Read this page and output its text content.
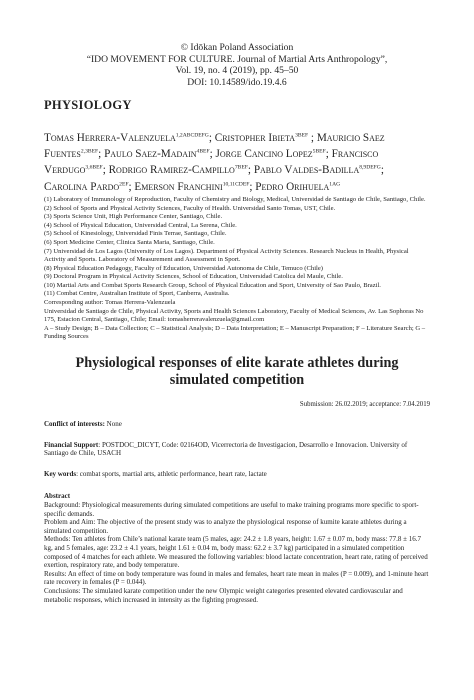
© Idōkan Poland Association
“IDO MOVEMENT FOR CULTURE. Journal of Martial Arts Anthropology”,
Vol. 19, no. 4 (2019), pp. 45–50
DOI: 10.14589/ido.19.4.6
PHYSIOLOGY
Tomas Herrera-Valenzuela$^{1,2ABCDEFG}$; Cristopher Ibieta$^{3BEF}$ ; Mauricio Saez Fuentes$^{2,3BEF}$; Paulo Saez-Madain$^{4BEF}$; Jorge Cancino Lopez$^{5BEF}$; Francisco Verdugo$^{3,6BEF}$; Rodrigo Ramirez-Campillo$^{7BEF}$; Pablo Valdes-Badilla$^{8,9DEFG}$; Carolina Pardo$^{2EF}$; Emerson Franchini$^{10,11CDEF}$; Pedro Orihuela$^{1AG}$
(1) Laboratory of Immunology of Reproduction, Faculty of Chemistry and Biology, Medical, Universidad de Santiago de Chile, Santiago, Chile.
(2) School of Sports and Physical Activity Sciences, Faculty of Health. Universidad Santo Tomas, UST, Chile.
(3) Sports Science Unit, High Performance Center, Santiago, Chile.
(4) School of Physical Education, Universidad Central, La Serena, Chile.
(5) School of Kinesiology, Universidad Finis Terrae, Santiago, Chile.
(6) Sport Medicine Center, Clinica Santa Maria, Santiago, Chile.
(7) Universidad de Los Lagos (University of Los Lagos). Department of Physical Activity Sciences. Research Nucleus in Health, Physical Activity and Sports. Laboratory of Measurement and Assessment in Sport.
(8) Physical Education Pedagogy, Faculty of Education, Universidad Autonoma de Chile, Temuco (Chile)
(9) Doctoral Program in Physical Activity Sciences, School of Education, Universidad Catolica del Maule, Chile.
(10) Martial Arts and Combat Sports Research Group, School of Physical Education and Sport, University of Sao Paulo, Brazil.
(11) Combat Centre, Australian Institute of Sport, Canberra, Australia.
Corresponding author: Tomas Herrera-Valenzuela
Universidad de Santiago de Chile, Physical Activity, Sports and Health Sciences Laboratory, Faculty of Medical Sciences, Av. Las Sophoras No 175, Estacion Central, Santiago, Chile; Email: tomasherreravalenzuela@gmail.com
A – Study Design; B – Data Collection; C – Statistical Analysis; D – Data Interpretation; E – Manuscript Preparation; F – Literature Search; G – Funding Sources
Physiological responses of elite karate athletes during simulated competition
Submission: 26.02.2019; acceptance: 7.04.2019
Conflict of interests: None
Financial Support: POSTDOC_DICYT, Code: 02164OD, Vicerrectoria de Investigacion, Desarrollo e Innovacion. University of Santiago de Chile, USACH
Key words: combat sports, martial arts, athletic performance, heart rate, lactate
Abstract
Background: Physiological measurements during simulated competitions are useful to make training programs more specific to sport-specific demands.
Problem and Aim: The objective of the present study was to analyze the physiological response of kumite karate athletes during a simulated competition.
Methods: Ten athletes from Chile’s national karate team (5 males, age: 24.2 ± 1.8 years, height: 1.67 ± 0.07 m, body mass: 77.8 ± 16.7 kg, and 5 females, age: 23.2 ± 4.1 years, height 1.61 ± 0.04 m, body mass: 62.2 ± 3.7 kg) participated in a simulated competition composed of 4 matches for each athlete. We measured the following variables: blood lactate concentration, heart rate, rating of perceived exertion, respiratory rate, and body temperature.
Results: An effect of time on body temperature was found in males and females, heart rate mean in males (P = 0.009), and 1-minute heart rate recovery in females (P = 0.044).
Conclusions: The simulated karate competition under the new Olympic weight categories presented elevated cardiovascular and metabolic responses, which increased in intensity as the fighting progressed.
